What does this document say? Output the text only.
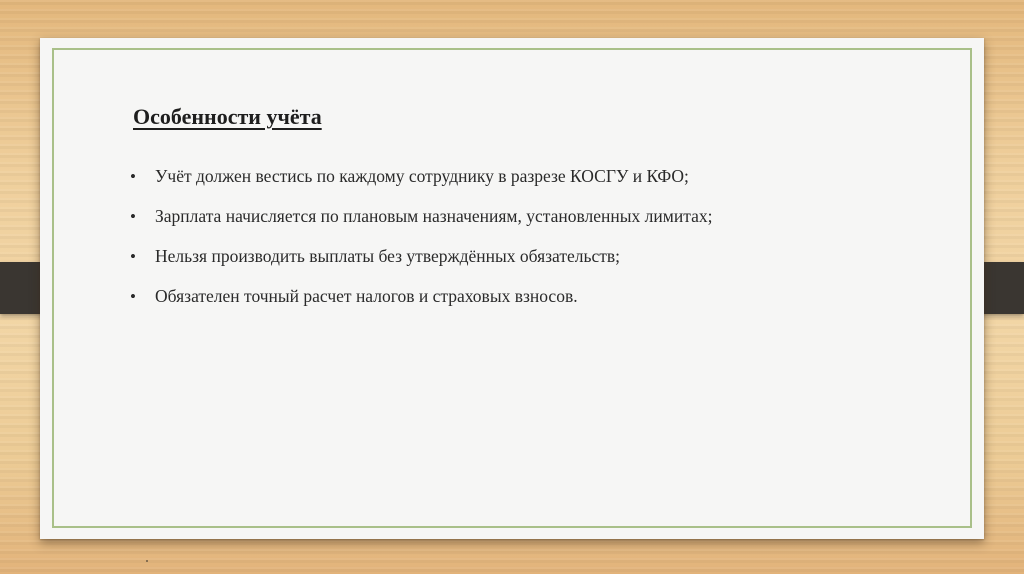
Особенности учёта
•	Учёт должен вестись по каждому сотруднику в разрезе КОСГУ и КФО;
•	Зарплата начисляется по плановым назначениям, установленных лимитах;
•	Нельзя производить выплаты без утверждённых обязательств;
•	Обязателен точный расчет налогов и страховых взносов.
